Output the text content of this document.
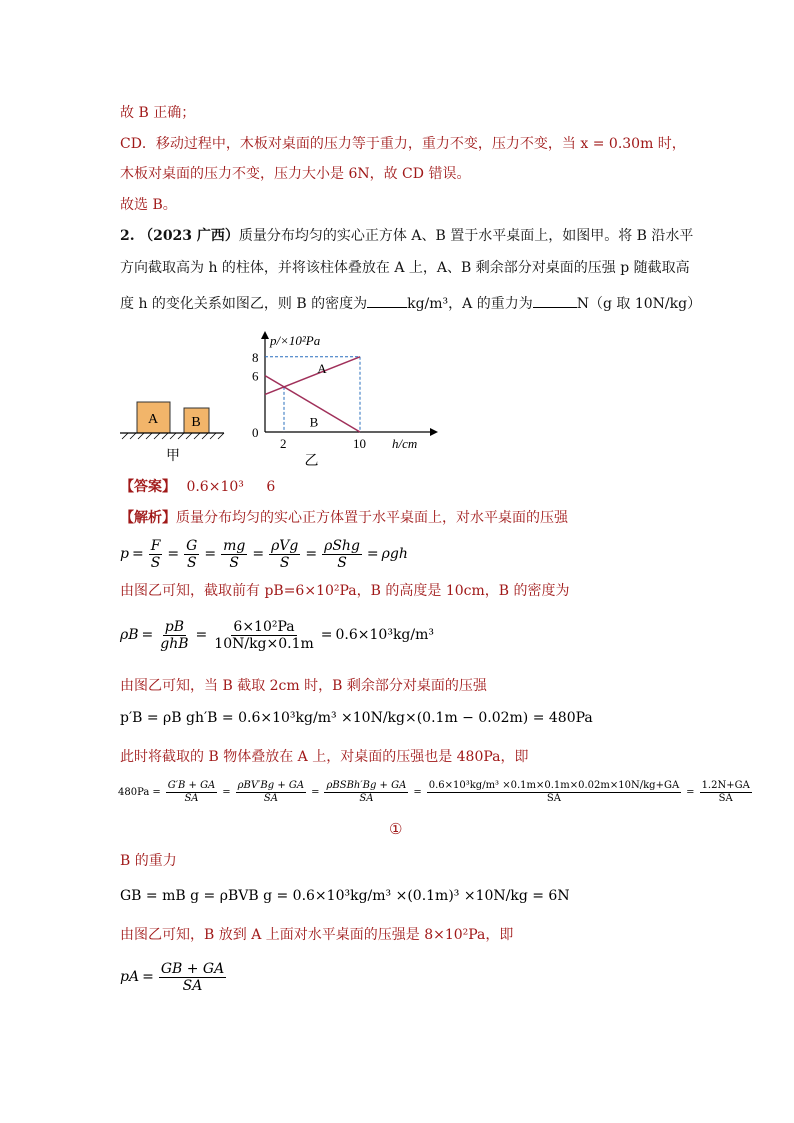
故 B 正确；
CD．移动过程中，木板对桌面的压力等于重力，重力不变，压力不变，当 x = 0.30m 时，
木板对桌面的压力不变，压力大小是 6N，故 CD 错误。
故选 B。
2. （2023 广西）质量分布均匀的实心正方体 A、B 置于水平桌面上，如图甲。将 B 沿水平
方向截取高为 h 的柱体，并将该柱体叠放在 A 上，A、B 剩余部分对桌面的压强 p 随截取高
度 h 的变化关系如图乙，则 B 的密度为	kg/m³，A 的重力为	N（g 取 10N/kg）
A B
甲
p/×10²Pa
h/cm
0
6
8
2	10
A
B
乙
【答案】 0.6×10³ 6
【解析】质量分布均匀的实心正方体置于水平桌面上，对水平桌面的压强
$p = \frac{F}{S} = \frac{G}{S} = \frac{mg}{S} = \frac{\text{ρVg}}{S} = \frac{\text{ρShg}}{S} = \rho gh$
由图乙可知，截取前有 pB=6×10²Pa，B 的高度是 10cm，B 的密度为
$\rho B = \frac{pB}{\text{ghB}} = \frac{\text{6×10²Pa}}{10N/kg\times 0.1m} = 0.6\times 10^3kg/m^3$
由图乙可知，当 B 截取 2cm 时，B 剩余部分对桌面的压强
p′B = ρB gh′B = 0.6×10³kg/m³ ×10N/kg×(0.1m − 0.02m) = 480Pa
此时将截取的 B 物体叠放在 A 上，对桌面的压强也是 480Pa，即
$480Pa = \frac{G'B + GA}{SA} = \frac{\text{ρBV′Bg + GA}}{SA} = \frac{\text{ρBSBh′Bg + GA}}{SA} = \frac{\text{0.6×10³kg/m³ ×0.1m×0.1m×0.02m×10N/kg+GA}}{SA} = \frac{1.2N+GA}{SA}$
①
B 的重力
GB = mB g = ρBVB g = 0.6×10³kg/m³ ×(0.1m)³ ×10N/kg = 6N
由图乙可知，B 放到 A 上面对水平桌面的压强是 8×10²Pa，即
pA = $\frac{GB + GA}{SA}$
